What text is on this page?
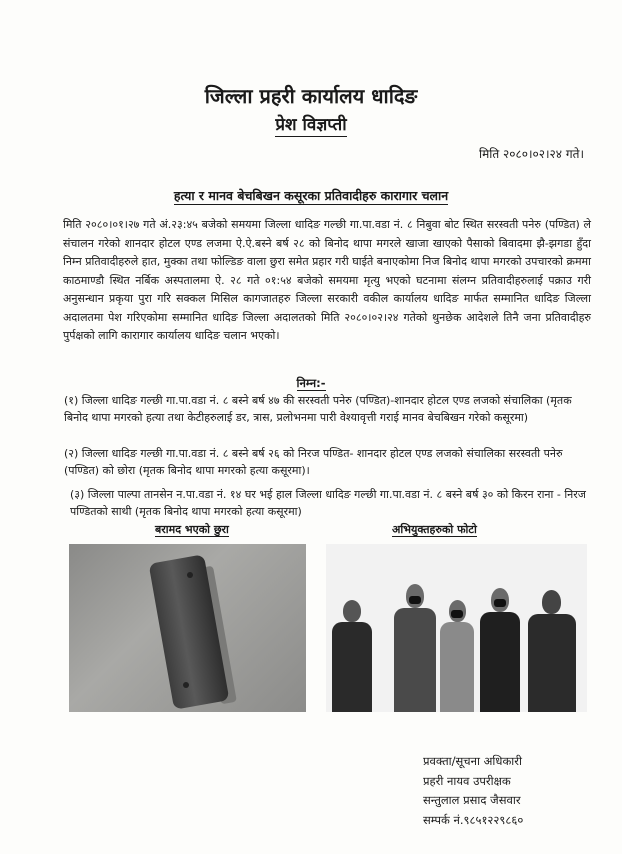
जिल्ला प्रहरी कार्यालय धादिङ
प्रेश विज्ञप्ती
मिति २०८०।०२।२४ गते।
हत्या र मानव बेचबिखन कसूरका प्रतिवादीहरु कारागार चलान
मिति २०८०।०१।२७ गते अं.२३:४५ बजेको समयमा जिल्ला धादिङ गल्छी गा.पा.वडा नं. ८ निबुवा बोट स्थित सरस्वती पनेरु (पण्डित) ले संचालन गरेको शानदार होटल एण्ड लजमा ऐ.ऐ.बस्ने बर्ष २८ को बिनोद थापा मगरले खाजा खाएको पैसाको बिवादमा झै-झगडा हुँदा निम्न प्रतिवादीहरुले हात, मुक्का तथा फोल्डिङ वाला छुरा समेत प्रहार गरी घाईते बनाएकोमा निज बिनोद थापा मगरको उपचारको क्रममा काठमाण्डौ स्थित नर्बिक अस्पतालमा ऐ. २८ गते ०१:५४ बजेको समयमा मृत्यु भएको घटनामा संलग्न प्रतिवादीहरुलाई पक्राउ गरी अनुसन्धान प्रकृया पुरा गरि सक्कल मिसिल कागजातहरु जिल्ला सरकारी वकील कार्यालय धादिङ मार्फत सम्मानित धादिङ जिल्ला अदालतमा पेश गरिएकोमा सम्मानित धादिङ जिल्ला अदालतको मिति २०८०।०२।२४ गतेको थुनछेक आदेशले तिनै जना प्रतिवादीहरु पुर्पक्षको लागि कारागार कार्यालय धादिङ चलान भएको।
निम्न:-
(१) जिल्ला धादिङ गल्छी गा.पा.वडा नं. ८ बस्ने बर्ष ४७ की सरस्वती पनेरु (पण्डित)-शानदार होटल एण्ड लजको संचालिका (मृतक बिनोद थापा मगरको हत्या तथा केटीहरुलाई डर, त्रास, प्रलोभनमा पारी वेश्यावृत्ती गराई मानव बेचबिखन गरेको कसूरमा)
(२) जिल्ला धादिङ गल्छी गा.पा.वडा नं. ८ बस्ने बर्ष २६ को निरज पण्डित- शानदार होटल एण्ड लजको संचालिका सरस्वती पनेरु (पण्डित) को छोरा (मृतक बिनोद थापा मगरको हत्या कसूरमा)।
(३) जिल्ला पाल्पा तानसेन न.पा.वडा नं. १४ घर भई हाल जिल्ला धादिङ गल्छी गा.पा.वडा नं. ८ बस्ने बर्ष ३० को किरन राना - निरज पण्डितको साथी (मृतक बिनोद थापा मगरको हत्या कसूरमा)
बरामद भएको छुरा	अभियुक्तहरुको फोटो
प्रवक्ता/सूचना अधिकारी
प्रहरी नायव उपरीक्षक
सन्तुलाल प्रसाद जैसवार
सम्पर्क नं.९८५१२२९८६०
